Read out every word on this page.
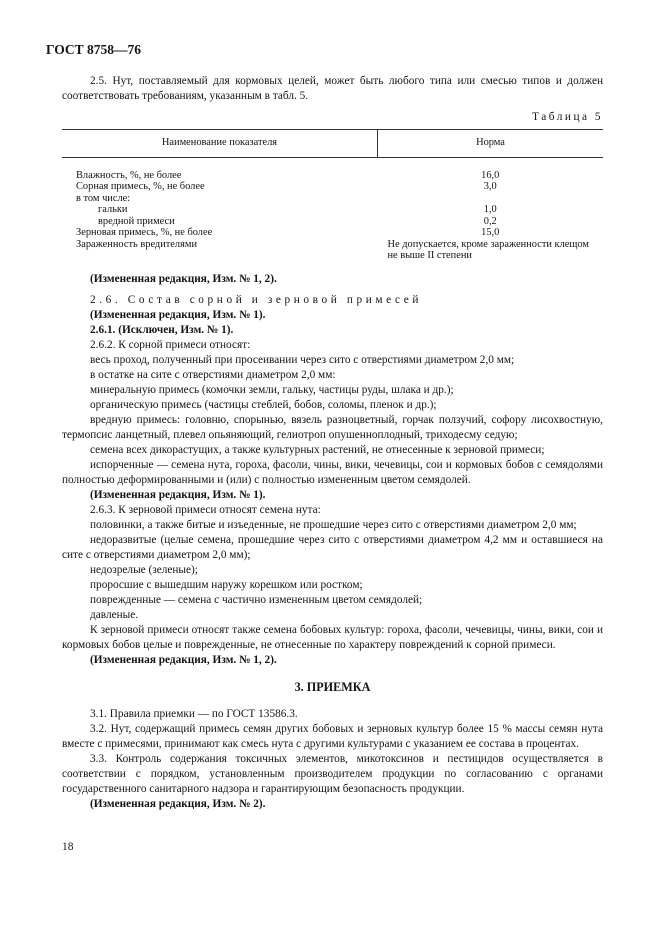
ГОСТ 8758—76

2.5. Нут, поставляемый для кормовых целей, может быть любого типа или смесью типов и должен соответствовать требованиям, указанным в табл. 5.

Таблица 5

Наименование показателя	Норма
Влажность, %, не более	16,0
Сорная примесь, %, не более	3,0
в том числе:	
гальки	1,0
вредной примеси	0,2
Зерновая примесь, %, не более	15,0
Зараженность вредителями	Не допускается, кроме зараженности клещом не выше II степени

(Измененная редакция, Изм. № 1, 2).

2.6. Состав сорной и зерновой примесей

(Измененная редакция, Изм. № 1).

2.6.1. (Исключен, Изм. № 1).

2.6.2. К сорной примеси относят:

весь проход, полученный при просеивании через сито с отверстиями диаметром 2,0 мм;

в остатке на сите с отверстиями диаметром 2,0 мм:

минеральную примесь (комочки земли, гальку, частицы руды, шлака и др.);

органическую примесь (частицы стеблей, бобов, соломы, пленок и др.);

вредную примесь: головню, спорынью, вязель разноцветный, горчак ползучий, софору лисохвостную, термопсис ланцетный, плевел опьяняющий, гелиотроп опушенноплодный, триходесму седую;

семена всех дикорастущих, а также культурных растений, не отнесенные к зерновой примеси;

испорченные — семена нута, гороха, фасоли, чины, вики, чечевицы, сои и кормовых бобов с семядолями полностью деформированными и (или) с полностью измененным цветом семядолей.

(Измененная редакция, Изм. № 1).

2.6.3. К зерновой примеси относят семена нута:

половинки, а также битые и изъеденные, не прошедшие через сито с отверстиями диаметром 2,0 мм;

недоразвитые (целые семена, прошедшие через сито с отверстиями диаметром 4,2 мм и оставшиеся на сите с отверстиями диаметром 2,0 мм);

недозрелые (зеленые);

проросшие с вышедшим наружу корешком или ростком;

поврежденные — семена с частично измененным цветом семядолей;

давленые.

К зерновой примеси относят также семена бобовых культур: гороха, фасоли, чечевицы, чины, вики, сои и кормовых бобов целые и поврежденные, не отнесенные по характеру повреждений к сорной примеси.

(Измененная редакция, Изм. № 1, 2).

3. ПРИЕМКА

3.1. Правила приемки — по ГОСТ 13586.3.

3.2. Нут, содержащий примесь семян других бобовых и зерновых культур более 15 % массы семян нута вместе с примесями, принимают как смесь нута с другими культурами с указанием ее состава в процентах.

3.3. Контроль содержания токсичных элементов, микотоксинов и пестицидов осуществляется в соответствии с порядком, установленным производителем продукции по согласованию с органами государственного санитарного надзора и гарантирующим безопасность продукции.

(Измененная редакция, Изм. № 2).

18
